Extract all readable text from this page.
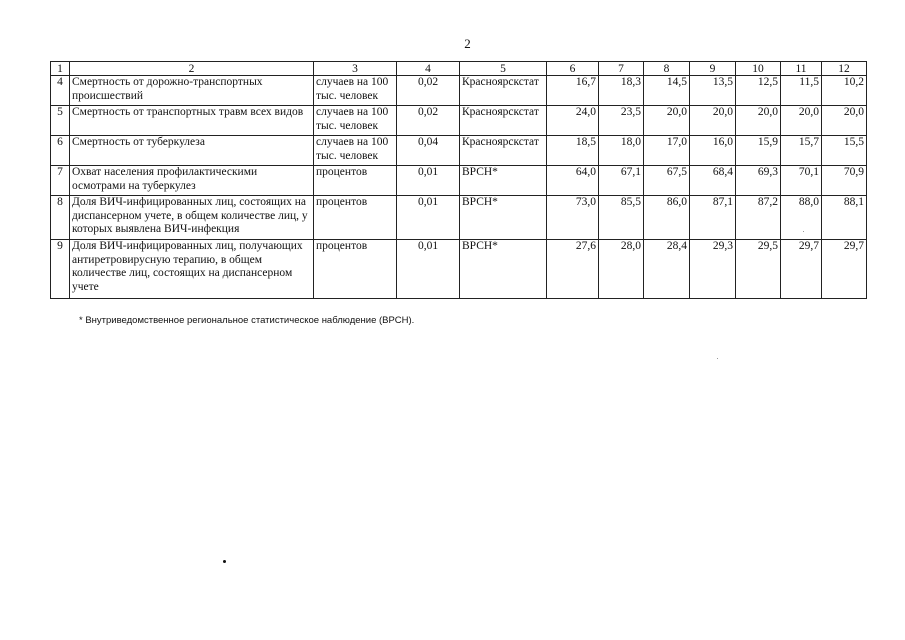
2
1	2	3	4	5	6	7	8	9	10	11	12
4	Смертность от дорожно-транспортных происшествий	случаев на 100 тыс. человек	0,02	Красноярскстат	16,7	18,3	14,5	13,5	12,5	11,5	10,2
5	Смертность от транспортных травм всех видов	случаев на 100 тыс. человек	0,02	Красноярскстат	24,0	23,5	20,0	20,0	20,0	20,0	20,0
6	Смертность от туберкулеза	случаев на 100 тыс. человек	0,04	Красноярскстат	18,5	18,0	17,0	16,0	15,9	15,7	15,5
7	Охват населения профилактическими осмотрами на туберкулез	процентов	0,01	ВРСН*	64,0	67,1	67,5	68,4	69,3	70,1	70,9
8	Доля ВИЧ-инфицированных лиц, состоящих на диспансерном учете, в общем количестве лиц, у которых выявлена ВИЧ-инфекция	процентов	0,01	ВРСН*	73,0	85,5	86,0	87,1	87,2	88,0	88,1
9	Доля ВИЧ-инфицированных лиц, получающих антиретровирусную терапию, в общем количестве лиц, состоящих на диспансерном учете	процентов	0,01	ВРСН*	27,6	28,0	28,4	29,3	29,5	29,7	29,7
* Внутриведомственное региональное статистическое наблюдение (ВРСН).
